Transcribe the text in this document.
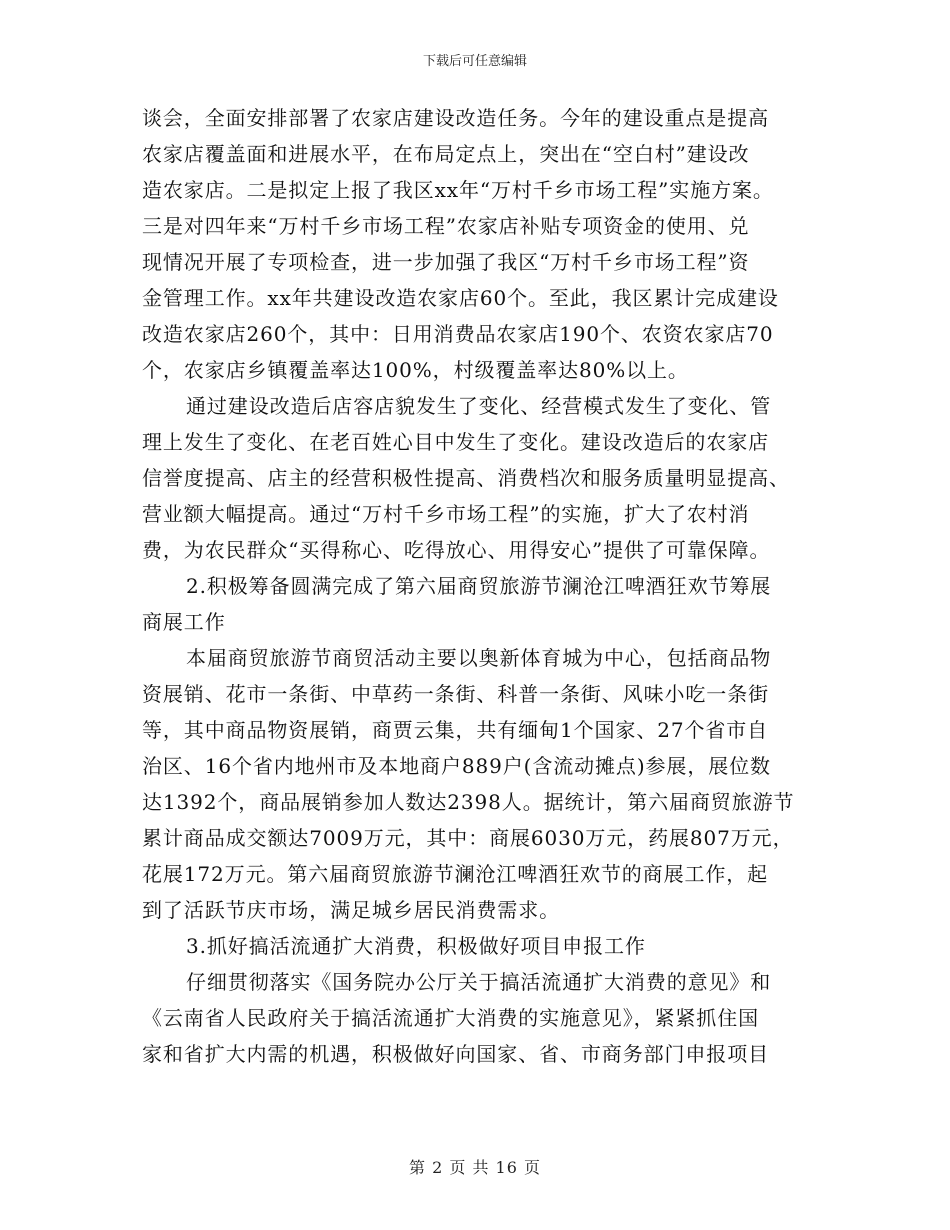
下载后可任意编辑
谈会，全面安排部署了农家店建设改造任务。今年的建设重点是提高
农家店覆盖面和进展水平，在布局定点上，突出在“空白村”建设改
造农家店。二是拟定上报了我区xx年“万村千乡市场工程”实施方案。
三是对四年来“万村千乡市场工程”农家店补贴专项资金的使用、兑
现情况开展了专项检查，进一步加强了我区“万村千乡市场工程”资
金管理工作。xx年共建设改造农家店60个。至此，我区累计完成建设
改造农家店260个，其中：日用消费品农家店190个、农资农家店70
个，农家店乡镇覆盖率达100%，村级覆盖率达80%以上。
通过建设改造后店容店貌发生了变化、经营模式发生了变化、管
理上发生了变化、在老百姓心目中发生了变化。建设改造后的农家店
信誉度提高、店主的经营积极性提高、消费档次和服务质量明显提高、
营业额大幅提高。通过“万村千乡市场工程”的实施，扩大了农村消
费，为农民群众“买得称心、吃得放心、用得安心”提供了可靠保障。
2.积极筹备圆满完成了第六届商贸旅游节澜沧江啤酒狂欢节筹展
商展工作
本届商贸旅游节商贸活动主要以奥新体育城为中心，包括商品物
资展销、花市一条街、中草药一条街、科普一条街、风味小吃一条街
等，其中商品物资展销，商贾云集，共有缅甸1个国家、27个省市自
治区、16个省内地州市及本地商户889户(含流动摊点)参展，展位数
达1392个，商品展销参加人数达2398人。据统计，第六届商贸旅游节
累计商品成交额达7009万元，其中：商展6030万元，药展807万元，
花展172万元。第六届商贸旅游节澜沧江啤酒狂欢节的商展工作，起
到了活跃节庆市场，满足城乡居民消费需求。
3.抓好搞活流通扩大消费，积极做好项目申报工作
仔细贯彻落实《国务院办公厅关于搞活流通扩大消费的意见》和
《云南省人民政府关于搞活流通扩大消费的实施意见》，紧紧抓住国
家和省扩大内需的机遇，积极做好向国家、省、市商务部门申报项目
第 2 页 共 16 页
